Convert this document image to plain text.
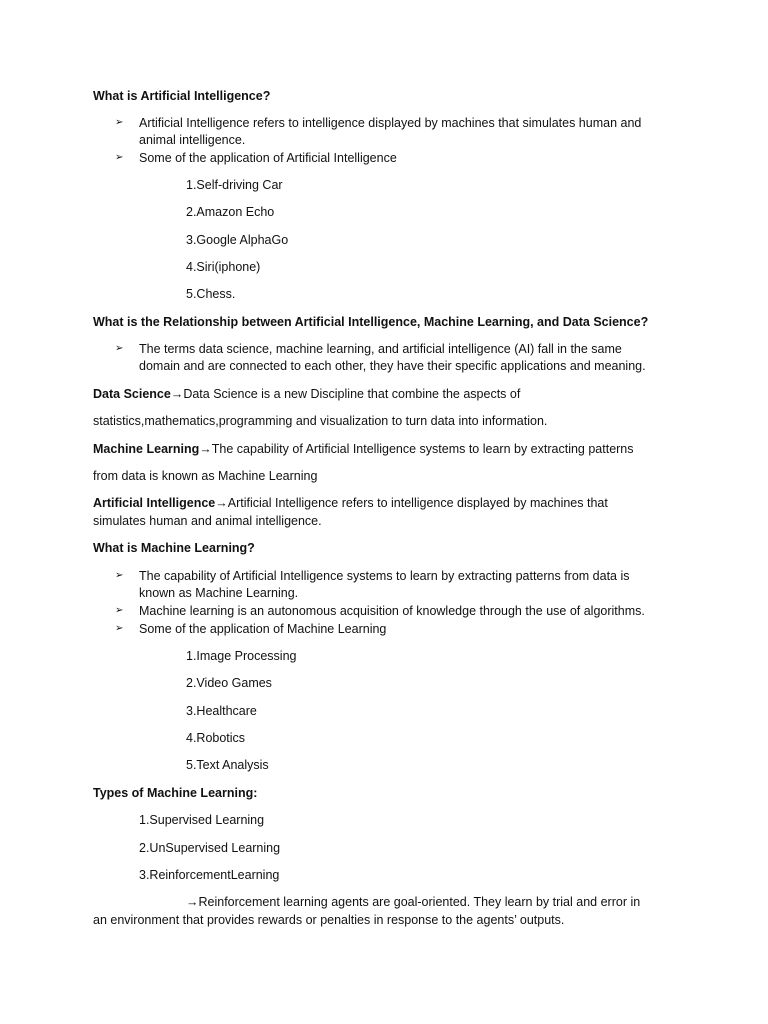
What is Artificial Intelligence?
➢ Artificial Intelligence refers to intelligence displayed by machines that simulates human and
animal intelligence.
➢ Some of the application of Artificial Intelligence
1.Self-driving Car
2.Amazon Echo
3.Google AlphaGo
4.Siri(iphone)
5.Chess.
What is the Relationship between Artificial Intelligence, Machine Learning, and Data Science?
➢ The terms data science, machine learning, and artificial intelligence (AI) fall in the same
domain and are connected to each other, they have their specific applications and meaning.
Data Science→Data Science is a new Discipline that combine the aspects of
statistics,mathematics,programming and visualization to turn data into information.
Machine Learning→The capability of Artificial Intelligence systems to learn by extracting patterns
from data is known as Machine Learning
Artificial Intelligence→Artificial Intelligence refers to intelligence displayed by machines that
simulates human and animal intelligence.
What is Machine Learning?
➢ The capability of Artificial Intelligence systems to learn by extracting patterns from data is
known as Machine Learning.
➢ Machine learning is an autonomous acquisition of knowledge through the use of algorithms.
➢ Some of the application of Machine Learning
1.Image Processing
2.Video Games
3.Healthcare
4.Robotics
5.Text Analysis
Types of Machine Learning:
1.Supervised Learning
2.UnSupervised Learning
3.ReinforcementLearning
→Reinforcement learning agents are goal-oriented. They learn by trial and error in
an environment that provides rewards or penalties in response to the agents’ outputs.
